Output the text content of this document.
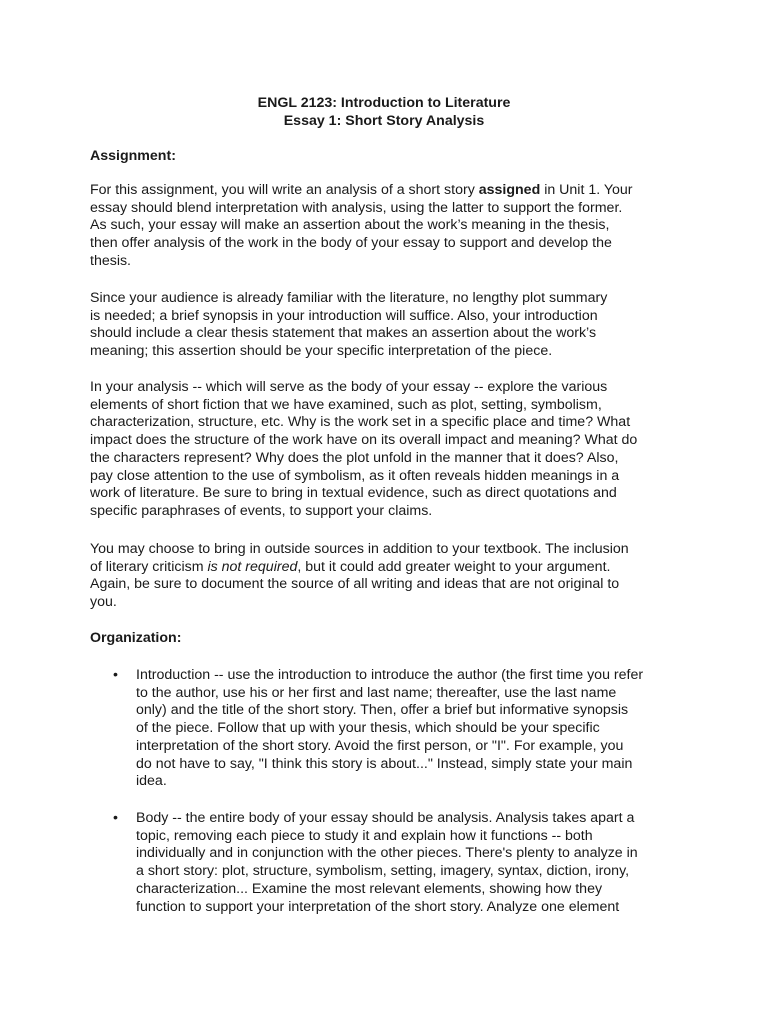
ENGL 2123: Introduction to Literature
Essay 1: Short Story Analysis
Assignment:
For this assignment, you will write an analysis of a short story assigned in Unit 1. Your
essay should blend interpretation with analysis, using the latter to support the former.
As such, your essay will make an assertion about the work’s meaning in the thesis,
then offer analysis of the work in the body of your essay to support and develop the
thesis.
Since your audience is already familiar with the literature, no lengthy plot summary
is needed; a brief synopsis in your introduction will suffice. Also, your introduction
should include a clear thesis statement that makes an assertion about the work’s
meaning; this assertion should be your specific interpretation of the piece.
In your analysis -- which will serve as the body of your essay -- explore the various
elements of short fiction that we have examined, such as plot, setting, symbolism,
characterization, structure, etc. Why is the work set in a specific place and time? What
impact does the structure of the work have on its overall impact and meaning? What do
the characters represent? Why does the plot unfold in the manner that it does? Also,
pay close attention to the use of symbolism, as it often reveals hidden meanings in a
work of literature. Be sure to bring in textual evidence, such as direct quotations and
specific paraphrases of events, to support your claims.
You may choose to bring in outside sources in addition to your textbook. The inclusion
of literary criticism is not required, but it could add greater weight to your argument.
Again, be sure to document the source of all writing and ideas that are not original to
you.
Organization:
• Introduction -- use the introduction to introduce the author (the first time you refer
to the author, use his or her first and last name; thereafter, use the last name
only) and the title of the short story. Then, offer a brief but informative synopsis
of the piece. Follow that up with your thesis, which should be your specific
interpretation of the short story. Avoid the first person, or "I". For example, you
do not have to say, "I think this story is about..." Instead, simply state your main
idea.
• Body -- the entire body of your essay should be analysis. Analysis takes apart a
topic, removing each piece to study it and explain how it functions -- both
individually and in conjunction with the other pieces. There's plenty to analyze in
a short story: plot, structure, symbolism, setting, imagery, syntax, diction, irony,
characterization... Examine the most relevant elements, showing how they
function to support your interpretation of the short story. Analyze one element
